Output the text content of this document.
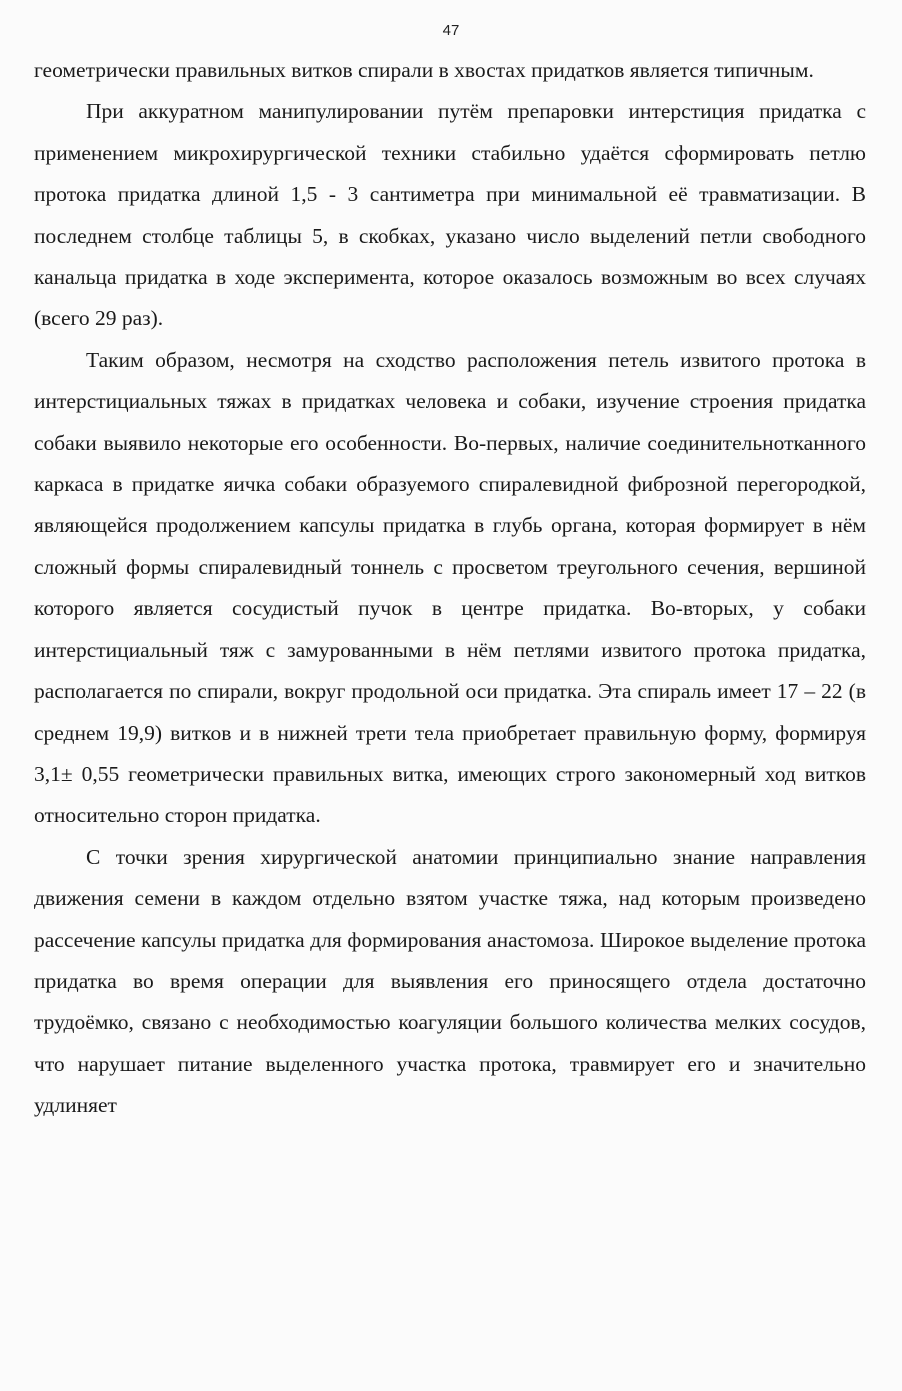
47

геометрически правильных витков спирали в хвостах придатков является типичным.

При аккуратном манипулировании путём препаровки интерстиция придатка с применением микрохирургической техники стабильно удаётся сформировать петлю протока придатка длиной 1,5 - 3 сантиметра при минимальной её травматизации. В последнем столбце таблицы 5, в скобках, указано число выделений петли свободного канальца придатка в ходе эксперимента, которое оказалось возможным во всех случаях (всего 29 раз).

Таким образом, несмотря на сходство расположения петель извитого протока в интерстициальных тяжах в придатках человека и собаки, изучение строения придатка собаки выявило некоторые его особенности. Во-первых, наличие соединительнотканного каркаса в придатке яичка собаки образуемого спиралевидной фиброзной перегородкой, являющейся продолжением капсулы придатка в глубь органа, которая формирует в нём сложный формы спиралевидный тоннель с просветом треугольного сечения, вершиной которого является сосудистый пучок в центре придатка. Во-вторых, у собаки интерстициальный тяж с замурованными в нём петлями извитого протока придатка, располагается по спирали, вокруг продольной оси придатка. Эта спираль имеет 17 – 22 (в среднем 19,9) витков и в нижней трети тела приобретает правильную форму, формируя 3,1± 0,55 геометрически правильных витка, имеющих строго закономерный ход витков относительно сторон придатка.

С точки зрения хирургической анатомии принципиально знание направления движения семени в каждом отдельно взятом участке тяжа, над которым произведено рассечение капсулы придатка для формирования анастомоза. Широкое выделение протока придатка во время операции для выявления его приносящего отдела достаточно трудоёмко, связано с необходимостью коагуляции большого количества мелких сосудов, что нарушает питание выделенного участка протока, травмирует его и значительно удлиняет
